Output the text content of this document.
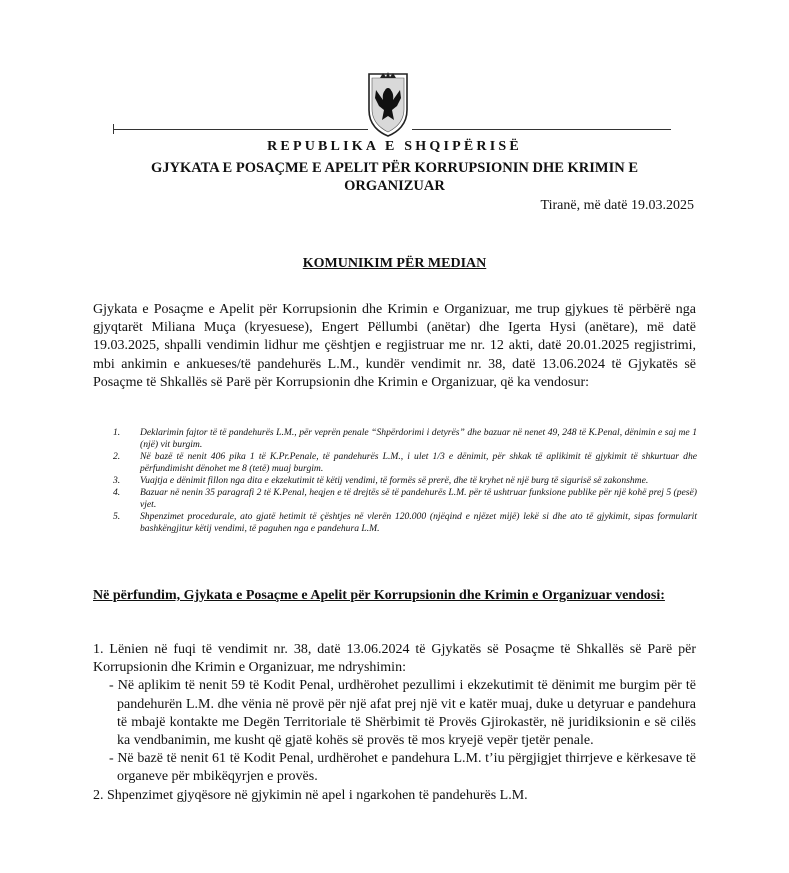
REPUBLIKA E SHQIPËRISË
GJYKATA E POSAÇME E APELIT PËR KORRUPSIONIN DHE KRIMIN E
ORGANIZUAR
Tiranë, më datë 19.03.2025
KOMUNIKIM PËR MEDIAN
Gjykata e Posaçme e Apelit për Korrupsionin dhe Krimin e Organizuar, me trup gjykues të përbërë nga gjyqtarët Miliana Muça (kryesuese), Engert Pëllumbi (anëtar) dhe Igerta Hysi (anëtare), më datë 19.03.2025, shpalli vendimin lidhur me çështjen e regjistruar me nr. 12 akti, datë 20.01.2025 regjistrimi, mbi ankimin e ankueses/të pandehurës L.M., kundër vendimit nr. 38, datë 13.06.2024 të Gjykatës së Posaçme të Shkallës së Parë për Korrupsionin dhe Krimin e Organizuar, që ka vendosur:
1. Deklarimin fajtor të të pandehurës L.M., për veprën penale “Shpërdorimi i detyrës” dhe bazuar në nenet 49, 248 të K.Penal, dënimin e saj me 1 (një) vit burgim.
2. Në bazë të nenit 406 pika 1 të K.Pr.Penale, të pandehurës L.M., i ulet 1/3 e dënimit, për shkak të aplikimit të gjykimit të shkurtuar dhe përfundimisht dënohet me 8 (tetë) muaj burgim.
3. Vuajtja e dënimit fillon nga dita e ekzekutimit të këtij vendimi, të formës së prerë, dhe të kryhet në një burg të sigurisë së zakonshme.
4. Bazuar në nenin 35 paragrafi 2 të K.Penal, heqjen e të drejtës së të pandehurës L.M. për të ushtruar funksione publike për një kohë prej 5 (pesë) vjet.
5. Shpenzimet procedurale, ato gjatë hetimit të çështjes në vlerën 120.000 (njëqind e njëzet mijë) lekë si dhe ato të gjykimit, sipas formularit bashkëngjitur këtij vendimi, të paguhen nga e pandehura L.M.
Në përfundim, Gjykata e Posaçme e Apelit për Korrupsionin dhe Krimin e Organizuar vendosi:

1. Lënien në fuqi të vendimit nr. 38, datë 13.06.2024 të Gjykatës së Posaçme të Shkallës së Parë për Korrupsionin dhe Krimin e Organizuar, me ndryshimin:

- Në aplikim të nenit 59 të Kodit Penal, urdhërohet pezullimi i ekzekutimit të dënimit me burgim për të pandehurën L.M. dhe vënia në provë për një afat prej një vit e katër muaj, duke u detyruar e pandehura të mbajë kontakte me Degën Territoriale të Shërbimit të Provës Gjirokastër, në juridiksionin e së cilës ka vendbanimin, me kusht që gjatë kohës së provës të mos kryejë vepër tjetër penale.

- Në bazë të nenit 61 të Kodit Penal, urdhërohet e pandehura L.M. t’iu përgjigjet thirrjeve e kërkesave të organeve për mbikëqyrjen e provës.

2. Shpenzimet gjyqësore në gjykimin në apel i ngarkohen të pandehurës L.M.
